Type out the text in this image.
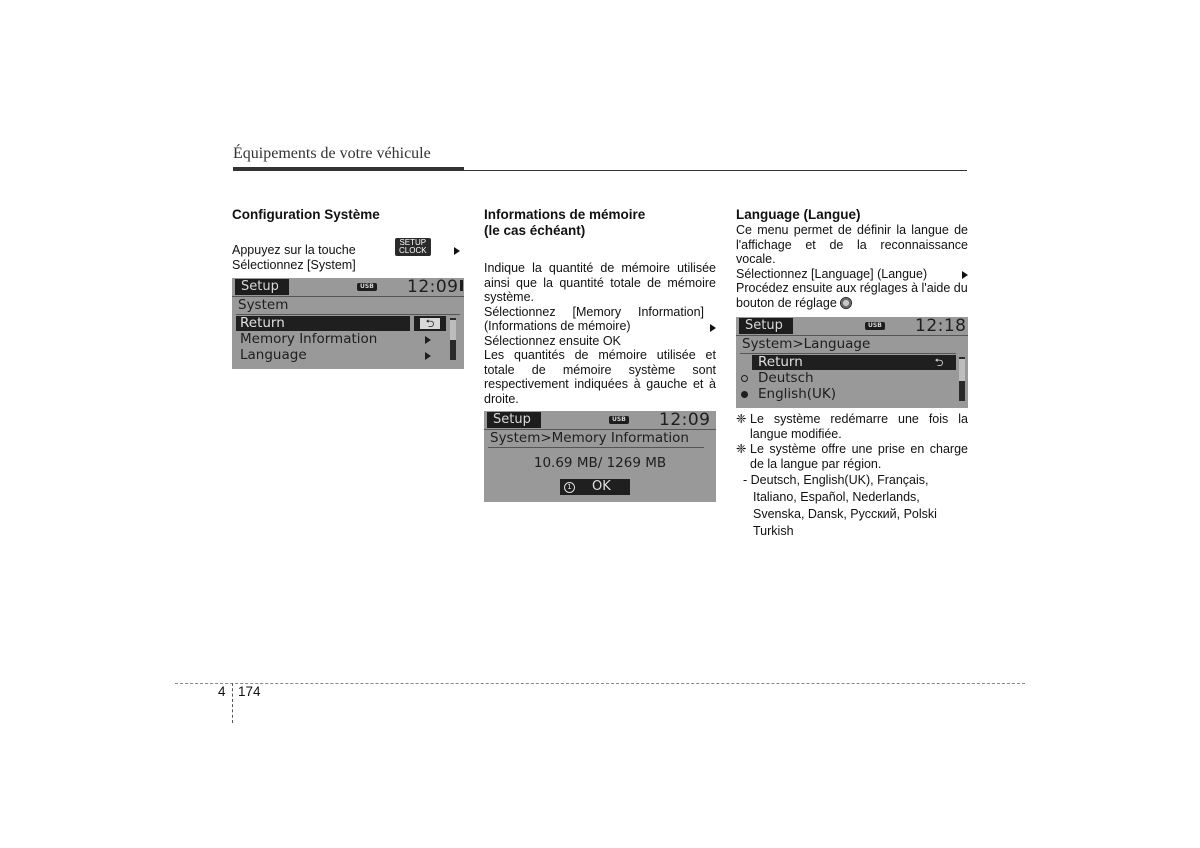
Équipements de votre véhicule
Configuration Système

Appuyez sur la touche
SETUP
CLOCK

Sélectionnez [System]

Setup	USB 12:09
System
Return	⮌
Memory Information
Language
Informations de mémoire
(le cas échéant)

Indique la quantité de mémoire utilisée ainsi que la quantité totale de mémoire système.

Sélectionnez [Memory Information] (Informations de mémoire)

Sélectionnez ensuite OK

Les quantités de mémoire utilisée et totale de mémoire système sont respectivement indiquées à gauche et à droite.

Setup	USB 12:09
System>Memory Information
10.69 MB/ 1269 MB
1 OK
Language (Langue)

Ce menu permet de définir la langue de l'affichage et de la reconnaissance vocale.

Sélectionnez [Language] (Langue)

Procédez ensuite aux réglages à l'aide du bouton de réglage

Setup	USB 12:18
System>Language
Return	⮌
Deutsch
English(UK)

❈ Le système redémarre une fois la langue modifiée.

❈ Le système offre une prise en charge de la langue par région.

- Deutsch, English(UK), Français,
Italiano, Español, Nederlands,
Svenska, Dansk, Русский, Polski
Turkish
4 174
